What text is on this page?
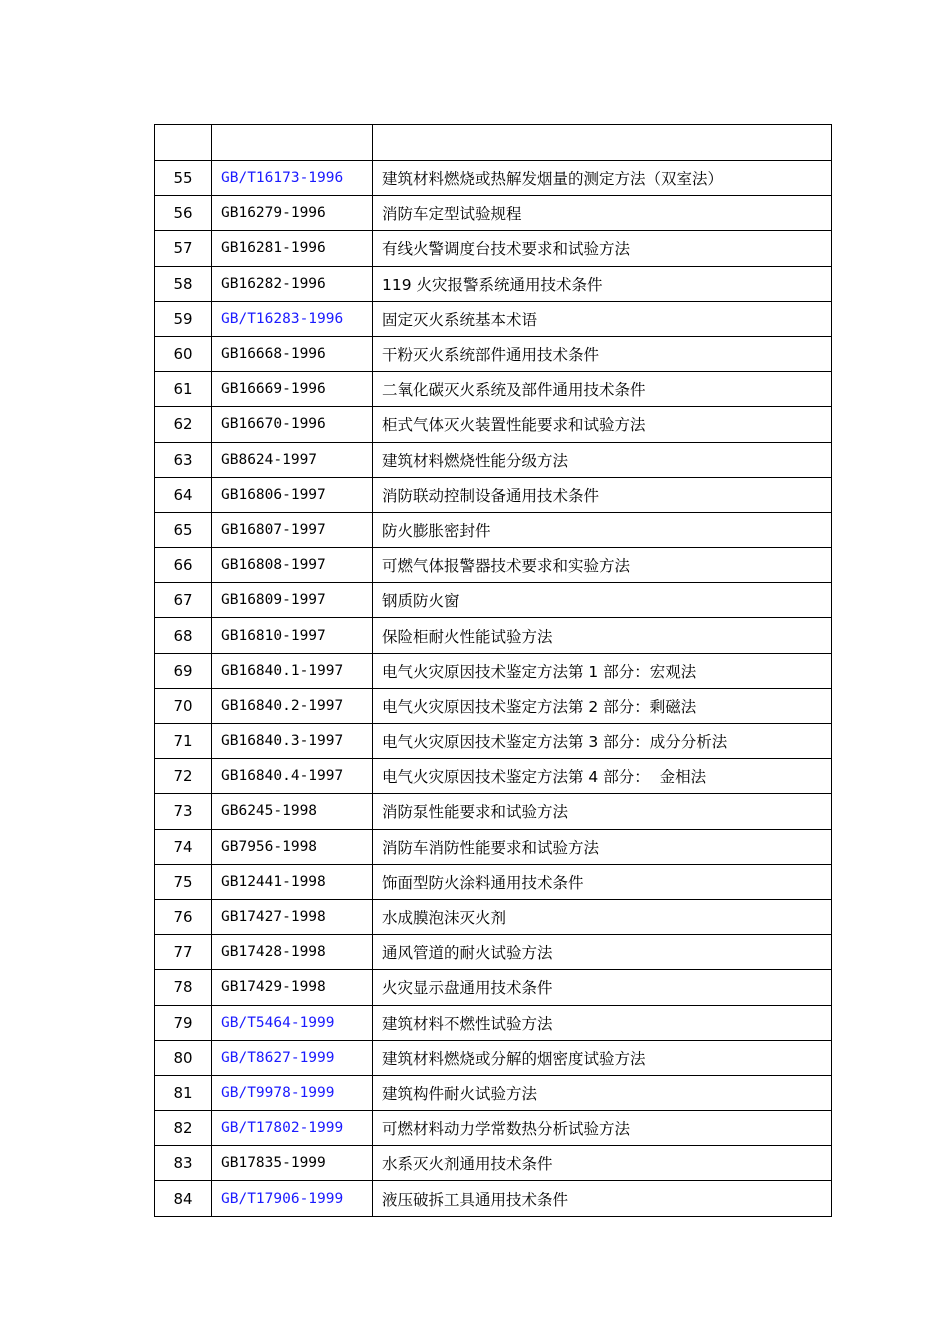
55	GB/T16173-1996	建筑材料燃烧或热解发烟量的测定方法（双室法）
56	GB16279-1996	消防车定型试验规程
57	GB16281-1996	有线火警调度台技术要求和试验方法
58	GB16282-1996	119 火灾报警系统通用技术条件
59	GB/T16283-1996	固定灭火系统基本术语
60	GB16668-1996	干粉灭火系统部件通用技术条件
61	GB16669-1996	二氧化碳灭火系统及部件通用技术条件
62	GB16670-1996	柜式气体灭火装置性能要求和试验方法
63	GB8624-1997	建筑材料燃烧性能分级方法
64	GB16806-1997	消防联动控制设备通用技术条件
65	GB16807-1997	防火膨胀密封件
66	GB16808-1997	可燃气体报警器技术要求和实验方法
67	GB16809-1997	钢质防火窗
68	GB16810-1997	保险柜耐火性能试验方法
69	GB16840.1-1997	电气火灾原因技术鉴定方法第 1 部分：宏观法
70	GB16840.2-1997	电气火灾原因技术鉴定方法第 2 部分：剩磁法
71	GB16840.3-1997	电气火灾原因技术鉴定方法第 3 部分：成分分析法
72	GB16840.4-1997	电气火灾原因技术鉴定方法第 4 部分：  金相法
73	GB6245-1998	消防泵性能要求和试验方法
74	GB7956-1998	消防车消防性能要求和试验方法
75	GB12441-1998	饰面型防火涂料通用技术条件
76	GB17427-1998	水成膜泡沫灭火剂
77	GB17428-1998	通风管道的耐火试验方法
78	GB17429-1998	火灾显示盘通用技术条件
79	GB/T5464-1999	建筑材料不燃性试验方法
80	GB/T8627-1999	建筑材料燃烧或分解的烟密度试验方法
81	GB/T9978-1999	建筑构件耐火试验方法
82	GB/T17802-1999	可燃材料动力学常数热分析试验方法
83	GB17835-1999	水系灭火剂通用技术条件
84	GB/T17906-1999	液压破拆工具通用技术条件
